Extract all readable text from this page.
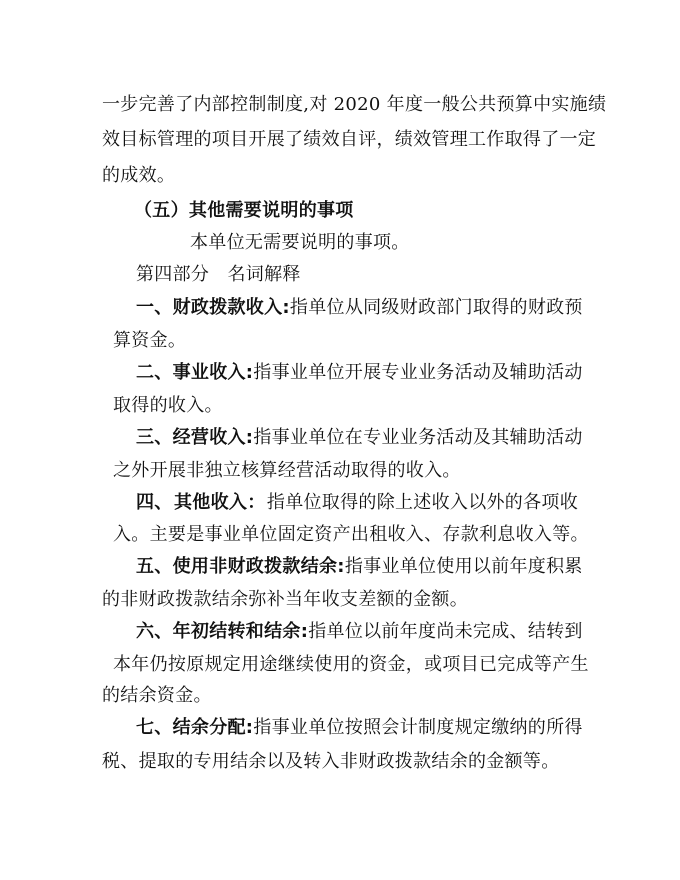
一步完善了内部控制制度,对 2020 年度一般公共预算中实施绩
效目标管理的项目开展了绩效自评，绩效管理工作取得了一定
的成效。
（五）其他需要说明的事项
本单位无需要说明的事项。
第四部分　名词解释
一、 财政拨款收入: 指单位从同级财政部门取得的财政预
算资金。
二、 事业收入: 指事业单位开展专业业务活动及辅助活动
取得的收入。
三、 经营收入: 指事业单位在专业业务活动及其辅助活动
之外开展非独立核算经营活动取得的收入。
四、 其他收入： 指单位取得的除上述收入以外的各项收
入。主要是事业单位固定资产出租收入、存款利息收入等。
五、 使用非财政拨款结余: 指事业单位使用以前年度积累
的非财政拨款结余弥补当年收支差额的金额。
六、 年初结转和结余: 指单位以前年度尚未完成、结转到
本年仍按原规定用途继续使用的资金，或项目已完成等产生
的结余资金。
七、 结余分配: 指事业单位按照会计制度规定缴纳的所得
税、提取的专用结余以及转入非财政拨款结余的金额等。
